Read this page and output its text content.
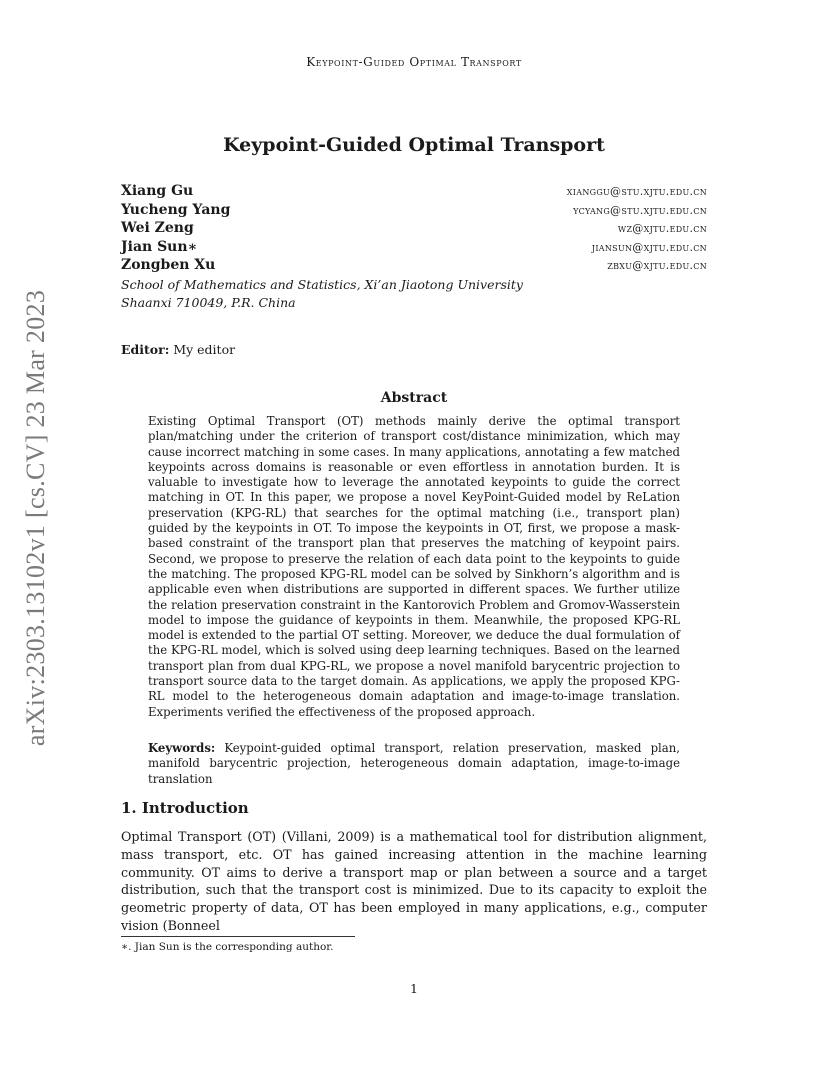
Keypoint-Guided Optimal Transport
arXiv:2303.13102v1 [cs.CV] 23 Mar 2023
Keypoint-Guided Optimal Transport
Xiang Gu	xianggu@stu.xjtu.edu.cn
Yucheng Yang	ycyang@stu.xjtu.edu.cn
Wei Zeng	wz@xjtu.edu.cn
Jian Sun∗	jiansun@xjtu.edu.cn
Zongben Xu	zbxu@xjtu.edu.cn
School of Mathematics and Statistics, Xi’an Jiaotong University
Shaanxi 710049, P.R. China
Editor: My editor
Abstract

Existing Optimal Transport (OT) methods mainly derive the optimal transport plan/matching under the criterion of transport cost/distance minimization, which may cause incorrect matching in some cases. In many applications, annotating a few matched keypoints across domains is reasonable or even effortless in annotation burden. It is valuable to investigate how to leverage the annotated keypoints to guide the correct matching in OT. In this paper, we propose a novel KeyPoint-Guided model by ReLation preservation (KPG-RL) that searches for the optimal matching (i.e., transport plan) guided by the keypoints in OT. To impose the keypoints in OT, first, we propose a mask-based constraint of the transport plan that preserves the matching of keypoint pairs. Second, we propose to preserve the relation of each data point to the keypoints to guide the matching. The proposed KPG-RL model can be solved by Sinkhorn’s algorithm and is applicable even when distributions are supported in different spaces. We further utilize the relation preservation constraint in the Kantorovich Problem and Gromov-Wasserstein model to impose the guidance of keypoints in them. Meanwhile, the proposed KPG-RL model is extended to the partial OT setting. Moreover, we deduce the dual formulation of the KPG-RL model, which is solved using deep learning techniques. Based on the learned transport plan from dual KPG-RL, we propose a novel manifold barycentric projection to transport source data to the target domain. As applications, we apply the proposed KPG-RL model to the heterogeneous domain adaptation and image-to-image translation. Experiments verified the effectiveness of the proposed approach.

Keywords: Keypoint-guided optimal transport, relation preservation, masked plan, manifold barycentric projection, heterogeneous domain adaptation, image-to-image translation
1. Introduction

Optimal Transport (OT) (Villani, 2009) is a mathematical tool for distribution alignment, mass transport, etc. OT has gained increasing attention in the machine learning community. OT aims to derive a transport map or plan between a source and a target distribution, such that the transport cost is minimized. Due to its capacity to exploit the geometric property of data, OT has been employed in many applications, e.g., computer vision (Bonneel

∗. Jian Sun is the corresponding author.
1
